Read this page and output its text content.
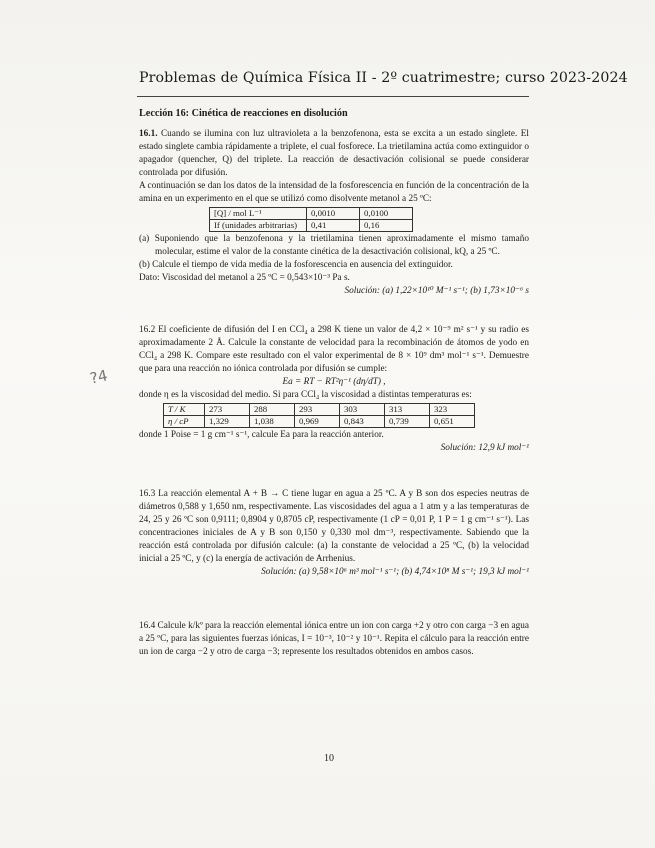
Problemas de Química Física II - 2º cuatrimestre; curso 2023-2024
Lección 16: Cinética de reacciones en disolución

16.1. Cuando se ilumina con luz ultravioleta a la benzofenona, esta se excita a un estado singlete. El estado singlete cambia rápidamente a triplete, el cual fosforece. La trietilamina actúa como extinguidor o apagador (quencher, Q) del triplete. La reacción de desactivación colisional se puede considerar controlada por difusión.

A continuación se dan los datos de la intensidad de la fosforescencia en función de la concentración de la amina en un experimento en el que se utilizó como disolvente metanol a 25 ºC:

[Q] / mol L⁻¹	0,0010	0,0100
If (unidades arbitrarias)	0,41	0,16

(a) Suponiendo que la benzofenona y la trietilamina tienen aproximadamente el mismo tamaño molecular, estime el valor de la constante cinética de la desactivación colisional, kQ, a 25 ºC.

(b) Calcule el tiempo de vida media de la fosforescencia en ausencia del extinguidor.

Dato: Viscosidad del metanol a 25 ºC = 0,543×10⁻³ Pa s.

Solución: (a) 1,22×10¹⁰ M⁻¹ s⁻¹; (b) 1,73×10⁻⁶ s

16.2 El coeficiente de difusión del I en CCl₄ a 298 K tiene un valor de 4,2 × 10⁻⁹ m² s⁻¹ y su radio es aproximadamente 2 Å. Calcule la constante de velocidad para la recombinación de átomos de yodo en CCl₄ a 298 K. Compare este resultado con el valor experimental de 8 × 10⁹ dm³ mol⁻¹ s⁻¹. Demuestre que para una reacción no iónica controlada por difusión se cumple:

Ea = RT − RT²η⁻¹ (dη/dT) ,

donde η es la viscosidad del medio. Si para CCl₄ la viscosidad a distintas temperaturas es:

T / K	273	288	293	303	313	323
η / cP	1,329	1,038	0,969	0,843	0,739	0,651

donde 1 Poise = 1 g cm⁻¹ s⁻¹, calcule Ea para la reacción anterior.

Solución: 12,9 kJ mol⁻¹

?4

16.3 La reacción elemental A + B → C tiene lugar en agua a 25 ºC. A y B son dos especies neutras de diámetros 0,588 y 1,650 nm, respectivamente. Las viscosidades del agua a 1 atm y a las temperaturas de 24, 25 y 26 ºC son 0,9111; 0,8904 y 0,8705 cP, respectivamente (1 cP = 0,01 P, 1 P = 1 g cm⁻¹ s⁻¹). Las concentraciones iniciales de A y B son 0,150 y 0,330 mol dm⁻³, respectivamente. Sabiendo que la reacción está controlada por difusión calcule: (a) la constante de velocidad a 25 ºC, (b) la velocidad inicial a 25 ºC, y (c) la energía de activación de Arrhenius.

Solución: (a) 9,58×10⁶ m³ mol⁻¹ s⁻¹; (b) 4,74×10⁸ M s⁻¹; 19,3 kJ mol⁻¹

16.4 Calcule k/kº para la reacción elemental iónica entre un ion con carga +2 y otro con carga −3 en agua a 25 ºC, para las siguientes fuerzas iónicas, I = 10⁻³, 10⁻² y 10⁻¹. Repita el cálculo para la reacción entre un ion de carga −2 y otro de carga −3; represente los resultados obtenidos en ambos casos.

10
